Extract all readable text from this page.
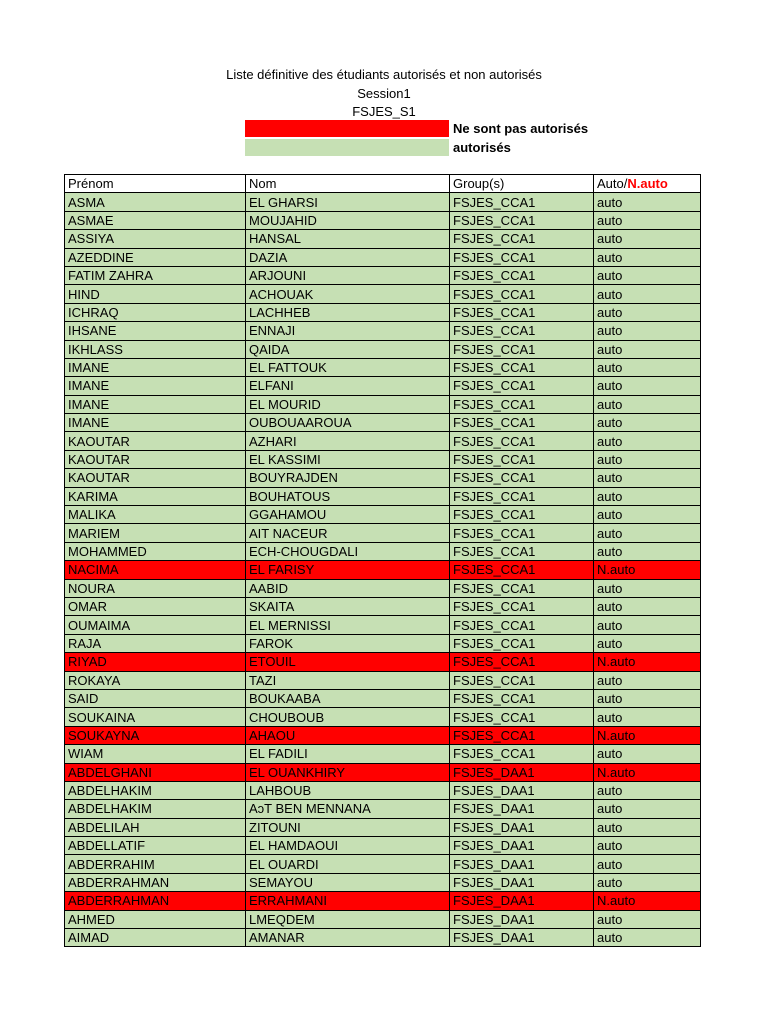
Liste définitive des étudiants autorisés et non autorisés
Session1
FSJES_S1
Ne sont pas autorisés
autorisés
Prénom	Nom	Group(s)	Auto/N.auto
ASMA	EL GHARSI	FSJES_CCA1	auto
ASMAE	MOUJAHID	FSJES_CCA1	auto
ASSIYA	HANSAL	FSJES_CCA1	auto
AZEDDINE	DAZIA	FSJES_CCA1	auto
FATIM ZAHRA	ARJOUNI	FSJES_CCA1	auto
HIND	ACHOUAK	FSJES_CCA1	auto
ICHRAQ	LACHHEB	FSJES_CCA1	auto
IHSANE	ENNAJI	FSJES_CCA1	auto
IKHLASS	QAIDA	FSJES_CCA1	auto
IMANE	EL FATTOUK	FSJES_CCA1	auto
IMANE	ELFANI	FSJES_CCA1	auto
IMANE	EL MOURID	FSJES_CCA1	auto
IMANE	OUBOUAAROUA	FSJES_CCA1	auto
KAOUTAR	AZHARI	FSJES_CCA1	auto
KAOUTAR	EL KASSIMI	FSJES_CCA1	auto
KAOUTAR	BOUYRAJDEN	FSJES_CCA1	auto
KARIMA	BOUHATOUS	FSJES_CCA1	auto
MALIKA	GGAHAMOU	FSJES_CCA1	auto
MARIEM	AIT NACEUR	FSJES_CCA1	auto
MOHAMMED	ECH-CHOUGDALI	FSJES_CCA1	auto
NACIMA	EL FARISY	FSJES_CCA1	N.auto
NOURA	AABID	FSJES_CCA1	auto
OMAR	SKAITA	FSJES_CCA1	auto
OUMAIMA	EL MERNISSI	FSJES_CCA1	auto
RAJA	FAROK	FSJES_CCA1	auto
RIYAD	ETOUIL	FSJES_CCA1	N.auto
ROKAYA	TAZI	FSJES_CCA1	auto
SAID	BOUKAABA	FSJES_CCA1	auto
SOUKAINA	CHOUBOUB	FSJES_CCA1	auto
SOUKAYNA	AHAOU	FSJES_CCA1	N.auto
WIAM	EL FADILI	FSJES_CCA1	auto
ABDELGHANI	EL OUANKHIRY	FSJES_DAA1	N.auto
ABDELHAKIM	LAHBOUB	FSJES_DAA1	auto
ABDELHAKIM	AↄT BEN MENNANA	FSJES_DAA1	auto
ABDELILAH	ZITOUNI	FSJES_DAA1	auto
ABDELLATIF	EL HAMDAOUI	FSJES_DAA1	auto
ABDERRAHIM	EL OUARDI	FSJES_DAA1	auto
ABDERRAHMAN	SEMAYOU	FSJES_DAA1	auto
ABDERRAHMAN	ERRAHMANI	FSJES_DAA1	N.auto
AHMED	LMEQDEM	FSJES_DAA1	auto
AIMAD	AMANAR	FSJES_DAA1	auto
